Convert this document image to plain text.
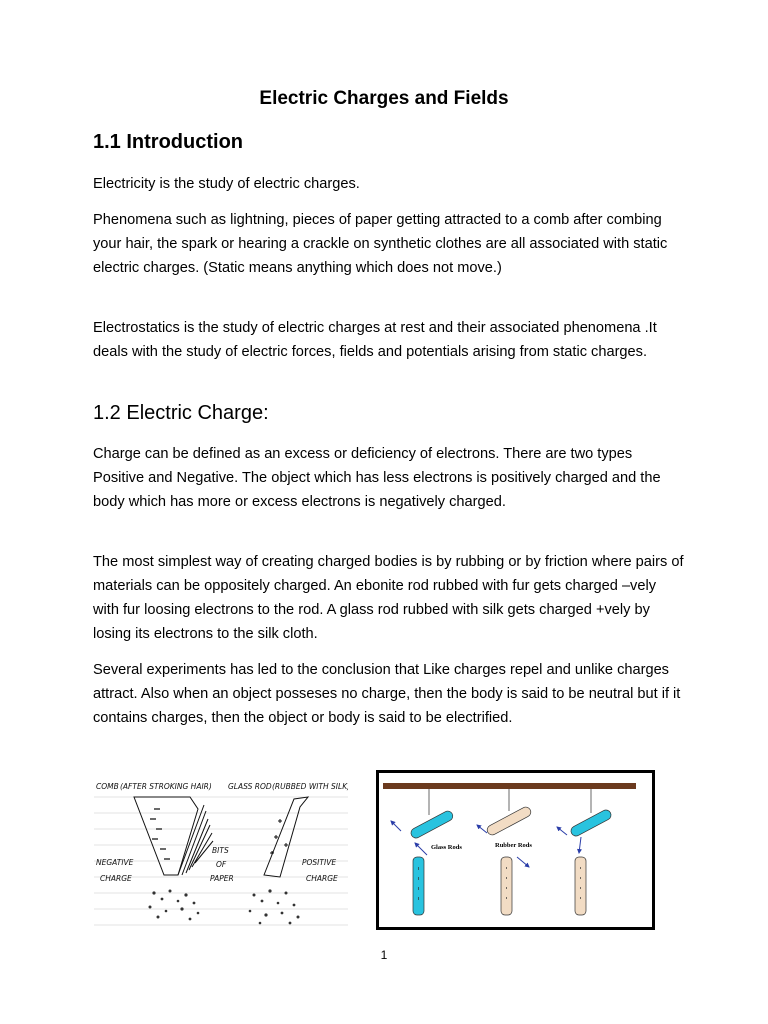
Electric Charges and Fields
1.1 Introduction

Electricity is the study of electric charges.

Phenomena such as lightning, pieces of paper getting attracted to a comb after combing your hair, the spark or hearing a crackle on synthetic clothes are all associated with static electric charges. (Static means anything which does not move.)

Electrostatics is the study of electric charges at rest and their associated phenomena .It deals with the study of electric forces, fields and potentials arising from static charges.

1.2 Electric Charge:

Charge can be defined as an excess or deficiency of electrons. There are two types Positive and Negative. The object which has less electrons is positively charged and the body which has more or excess electrons is negatively charged.

The most simplest way of creating charged bodies is by rubbing or by friction where pairs of materials can be oppositely charged. An ebonite rod rubbed with fur gets charged –vely with fur loosing electrons to the rod. A glass rod rubbed with silk gets charged +vely by losing its electrons to the silk cloth.

Several experiments has led to the conclusion that Like charges repel and unlike charges attract. Also when an object posseses no charge, then the body is said to be neutral but if it contains charges, then the object or body is said to be electrified.

COMB (AFTER STROKING HAIR) GLASS ROD (RUBBED WITH SILK)
NEGATIVE
CHARGE
BITS
OF
PAPER
POSITIVE
CHARGE
Glass Rods	Rubber Rods

1
